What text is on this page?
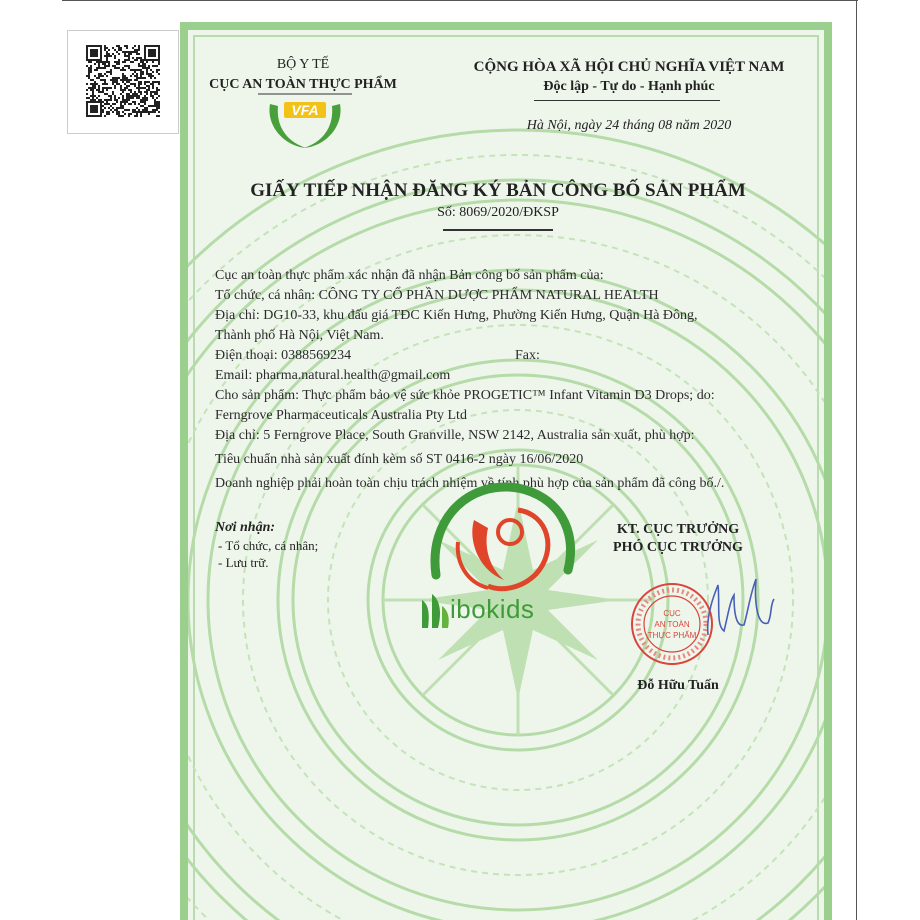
BỘ Y TẾ
CỤC AN TOÀN THỰC PHẨM
VFA
CỘNG HÒA XÃ HỘI CHỦ NGHĨA VIỆT NAM
Độc lập - Tự do - Hạnh phúc
Hà Nội, ngày 24 tháng 08 năm 2020
GIẤY TIẾP NHẬN ĐĂNG KÝ BẢN CÔNG BỐ SẢN PHẨM
Số: 8069/2020/ĐKSP
Cục an toàn thực phẩm xác nhận đã nhận Bản công bố sản phẩm của:
Tổ chức, cá nhân: CÔNG TY CỔ PHẦN DƯỢC PHẨM NATURAL HEALTH
Địa chỉ: DG10-33, khu đấu giá TĐC Kiến Hưng, Phường Kiến Hưng, Quận Hà Đông,
Thành phố Hà Nội, Việt Nam.
Điện thoại: 0388569234	Fax:
Email: pharma.natural.health@gmail.com
Cho sản phẩm: Thực phẩm bảo vệ sức khỏe PROGETIC™ Infant Vitamin D3 Drops; do:
Ferngrove Pharmaceuticals Australia Pty Ltd
Địa chỉ: 5 Ferngrove Place, South Granville, NSW 2142, Australia sản xuất, phù hợp:
Tiêu chuẩn nhà sản xuất đính kèm số ST 0416-2 ngày 16/06/2020
Doanh nghiệp phải hoàn toàn chịu trách nhiệm về tính phù hợp của sản phẩm đã công bố./.
Nơi nhận:
- Tổ chức, cá nhân;
- Lưu trữ.
KT. CỤC TRƯỞNG
PHÓ CỤC TRƯỞNG
CỤC
AN TOÀN
THỰC PHẨM
Đỗ Hữu Tuấn
ibokids
